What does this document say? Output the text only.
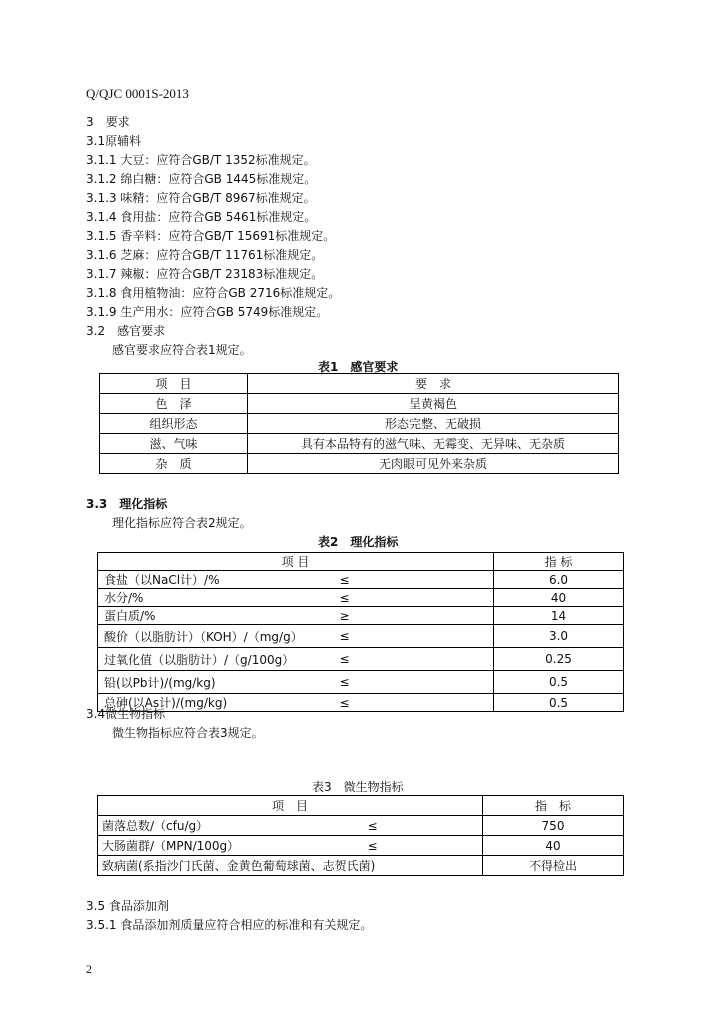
Q/QJC 0001S-2013
3　要求
3.1原辅料
3.1.1 大豆：应符合GB/T 1352标准规定。
3.1.2 绵白糖：应符合GB 1445标准规定。
3.1.3 味精：应符合GB/T 8967标准规定。
3.1.4 食用盐：应符合GB 5461标准规定。
3.1.5 香辛料：应符合GB/T 15691标准规定。
3.1.6 芝麻：应符合GB/T 11761标准规定。
3.1.7 辣椒：应符合GB/T 23183标准规定。
3.1.8 食用植物油：应符合GB 2716标准规定。
3.1.9 生产用水：应符合GB 5749标准规定。
3.2　感官要求
感官要求应符合表1规定。
表1　感官要求
项　目	要　求
色　泽	呈黄褐色
组织形态	形态完整、无破损
滋、气味	具有本品特有的滋气味、无霉变、无异味、无杂质
杂　质	无肉眼可见外来杂质
3.3　理化指标
理化指标应符合表2规定。
表2　理化指标
项 目		指 标
食盐（以NaCl计）/%	≤	6.0
水分/%	≤	40
蛋白质/%	≥	14
酸价（以脂肪计）（KOH）/（mg/g）	≤	3.0
过氧化值（以脂肪计）/（g/100g）	≤	0.25
铅(以Pb计)/(mg/kg)	≤	0.5
总砷(以As计)/(mg/kg)	≤	0.5
3.4微生物指标
微生物指标应符合表3规定。
表3　微生物指标
项　目		指　标
菌落总数/（cfu/g）	≤	750
大肠菌群/（MPN/100g）	≤	40
致病菌(系指沙门氏菌、金黄色葡萄球菌、志贺氏菌)		不得检出
3.5 食品添加剂
3.5.1 食品添加剂质量应符合相应的标准和有关规定。
2
